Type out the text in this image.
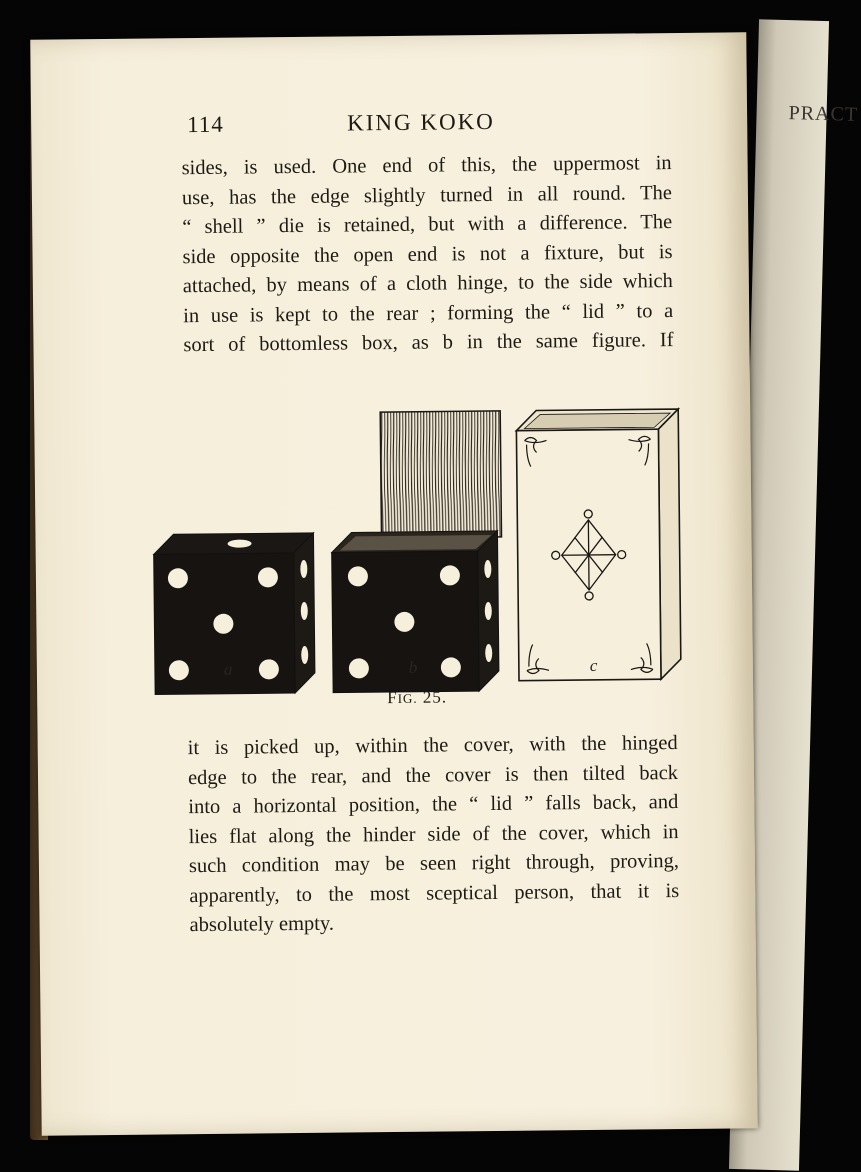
PRACT
114	KING KOKO
sides, is used. One end of this, the uppermost in
use, has the edge slightly turned in all round. The
“ shell ” die is retained, but with a difference. The
side opposite the open end is not a fixture, but is
attached, by means of a cloth hinge, to the side which
in use is kept to the rear ; forming the “ lid ” to a
sort of bottomless box, as b in the same figure. If
a	b	c
FIG. 25.
it is picked up, within the cover, with the hinged
edge to the rear, and the cover is then tilted back
into a horizontal position, the “ lid ” falls back, and
lies flat along the hinder side of the cover, which in
such condition may be seen right through, proving,
apparently, to the most sceptical person, that it is
absolutely empty.
